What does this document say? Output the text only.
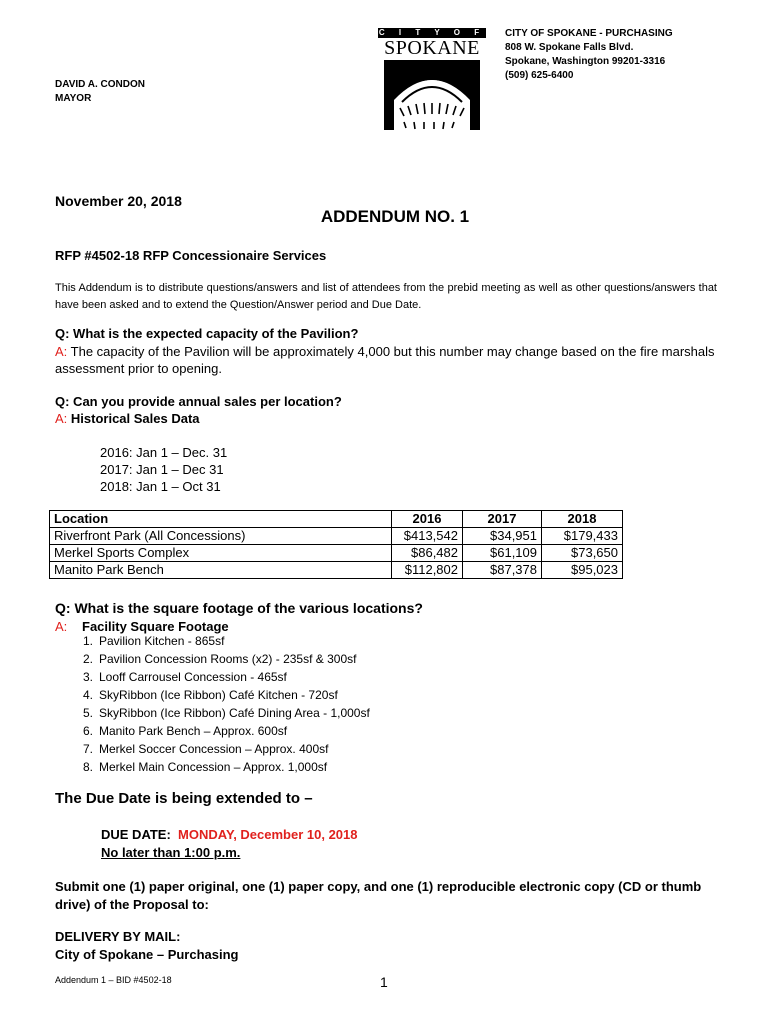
C I T Y O F
SPOKANE
CITY OF SPOKANE - PURCHASING
808 W. Spokane Falls Blvd.
Spokane, Washington 99201-3316
(509) 625-6400
DAVID A. CONDON
MAYOR
November 20, 2018
ADDENDUM NO. 1
RFP #4502-18 RFP Concessionaire Services
This Addendum is to distribute questions/answers and list of attendees from the prebid meeting as well as other questions/answers that have been asked and to extend the Question/Answer period and Due Date.
Q: What is the expected capacity of the Pavilion?
A: The capacity of the Pavilion will be approximately 4,000 but this number may change based on the fire marshals assessment prior to opening.
Q: Can you provide annual sales per location?
A: Historical Sales Data
2016: Jan 1 – Dec. 31
2017: Jan 1 – Dec 31
2018: Jan 1 – Oct 31
Location	2016	2017	2018
Riverfront Park (All Concessions)	$413,542	$34,951	$179,433
Merkel Sports Complex	$86,482	$61,109	$73,650
Manito Park Bench	$112,802	$87,378	$95,023
Q: What is the square footage of the various locations?
A: Facility Square Footage
1. Pavilion Kitchen - 865sf
2. Pavilion Concession Rooms (x2) - 235sf & 300sf
3. Looff Carrousel Concession - 465sf
4. SkyRibbon (Ice Ribbon) Café Kitchen - 720sf
5. SkyRibbon (Ice Ribbon) Café Dining Area - 1,000sf
6. Manito Park Bench – Approx. 600sf
7. Merkel Soccer Concession – Approx. 400sf
8. Merkel Main Concession – Approx. 1,000sf
The Due Date is being extended to –
DUE DATE: MONDAY, December 10, 2018
No later than 1:00 p.m.
Submit one (1) paper original, one (1) paper copy, and one (1) reproducible electronic copy (CD or thumb drive) of the Proposal to:
DELIVERY BY MAIL:
City of Spokane – Purchasing
Addendum 1 – BID #4502-18	1
